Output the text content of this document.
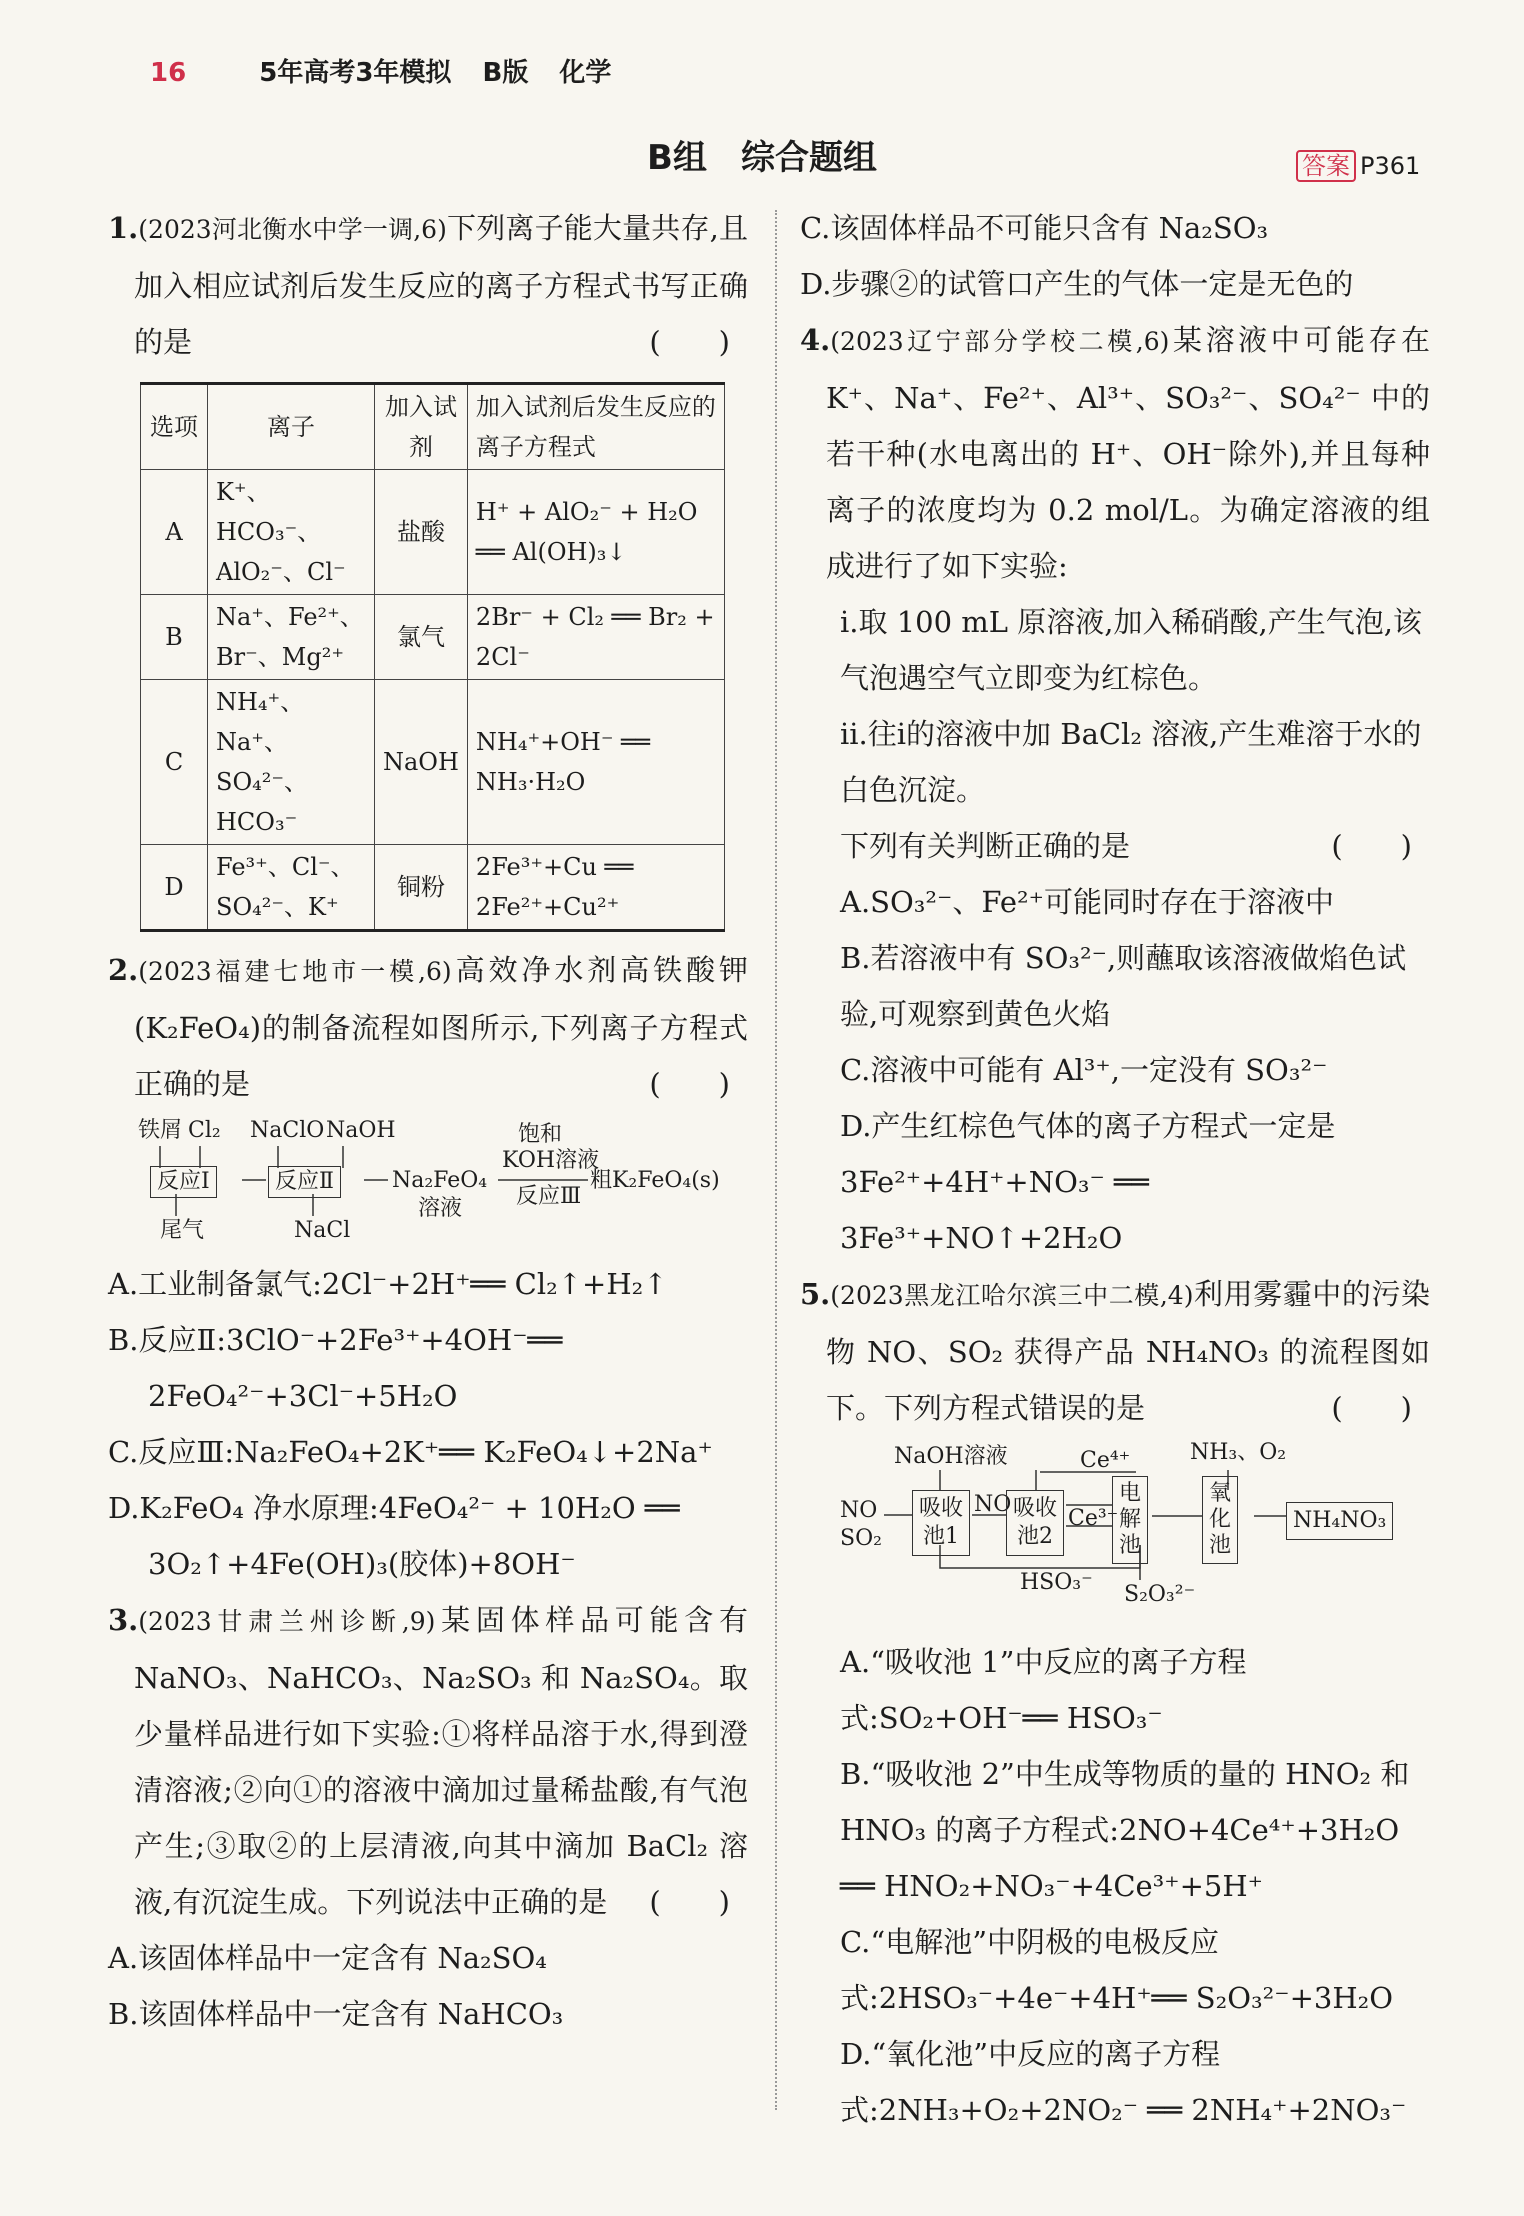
16	5年高考3年模拟 B版 化学
B组　综合题组	答案 P361

1.(2023河北衡水中学一调,6)下列离子能大量共存,且加入相应试剂后发生反应的离子方程式书写正确的是	(　　)

选项	离子	加入试剂	加入试剂后发生反应的离子方程式
A	K⁺、HCO₃⁻、AlO₂⁻、Cl⁻	盐酸	H⁺ + AlO₂⁻ + H₂O ══ Al(OH)₃↓
B	Na⁺、Fe²⁺、Br⁻、Mg²⁺	氯气	2Br⁻ + Cl₂ ══ Br₂ + 2Cl⁻
C	NH₄⁺、Na⁺、SO₄²⁻、HCO₃⁻	NaOH	NH₄⁺+OH⁻ ══ NH₃·H₂O
D	Fe³⁺、Cl⁻、SO₄²⁻、K⁺	铜粉	2Fe³⁺+Cu ══ 2Fe²⁺+Cu²⁺

2.(2023福建七地市一模,6)高效净水剂高铁酸钾(K₂FeO₄)的制备流程如图所示,下列离子方程式正确的是	(　　)

铁屑 Cl₂ NaClO NaOH
反应Ⅰ	反应Ⅱ	Na₂FeO₄
溶液
饱和
KOH溶液
反应Ⅲ
粗K₂FeO₄(s)
尾气	NaCl

A.工业制备氯气:2Cl⁻+2H⁺══ Cl₂↑+H₂↑

B.反应Ⅱ:3ClO⁻+2Fe³⁺+4OH⁻══ 2FeO₄²⁻+3Cl⁻+5H₂O

C.反应Ⅲ:Na₂FeO₄+2K⁺══ K₂FeO₄↓+2Na⁺

D.K₂FeO₄ 净水原理:4FeO₄²⁻ + 10H₂O ══ 3O₂↑+4Fe(OH)₃(胶体)+8OH⁻

3.(2023甘肃兰州诊断,9)某固体样品可能含有NaNO₃、NaHCO₃、Na₂SO₃ 和 Na₂SO₄。取少量样品进行如下实验:①将样品溶于水,得到澄清溶液;②向①的溶液中滴加过量稀盐酸,有气泡产生;③取②的上层清液,向其中滴加 BaCl₂ 溶液,有沉淀生成。下列说法中正确的是 (　　)

A.该固体样品中一定含有 Na₂SO₄

B.该固体样品中一定含有 NaHCO₃

C.该固体样品不可能只含有 Na₂SO₃

D.步骤②的试管口产生的气体一定是无色的

4.(2023辽宁部分学校二模,6)某溶液中可能存在 K⁺、Na⁺、Fe²⁺、Al³⁺、SO₃²⁻、SO₄²⁻ 中的若干种(水电离出的 H⁺、OH⁻除外),并且每种离子的浓度均为 0.2 mol/L。为确定溶液的组成进行了如下实验:

ⅰ.取 100 mL 原溶液,加入稀硝酸,产生气泡,该气泡遇空气立即变为红棕色。

ⅱ.往ⅰ的溶液中加 BaCl₂ 溶液,产生难溶于水的白色沉淀。

下列有关判断正确的是	(　　)

A.SO₃²⁻、Fe²⁺可能同时存在于溶液中

B.若溶液中有 SO₃²⁻,则蘸取该溶液做焰色试验,可观察到黄色火焰

C.溶液中可能有 Al³⁺,一定没有 SO₃²⁻

D.产生红棕色气体的离子方程式一定是 3Fe²⁺+4H⁺+NO₃⁻ ══ 3Fe³⁺+NO↑+2H₂O

5.(2023黑龙江哈尔滨三中二模,4)利用雾霾中的污染物 NO、SO₂ 获得产品 NH₄NO₃ 的流程图如下。下列方程式错误的是	(　　)

NO
SO₂
NaOH溶液
吸收
池1
NO 吸收
池2
Ce⁴⁺
Ce³⁺
电
解
池
NH₃、O₂
氧
化
池
NH₄NO₃
HSO₃⁻ S₂O₃²⁻

A.“吸收池 1”中反应的离子方程式:SO₂+OH⁻══ HSO₃⁻

B.“吸收池 2”中生成等物质的量的 HNO₂ 和 HNO₃ 的离子方程式:2NO+4Ce⁴⁺+3H₂O ══ HNO₂+NO₃⁻+4Ce³⁺+5H⁺

C.“电解池”中阴极的电极反应式:2HSO₃⁻+4e⁻+4H⁺══ S₂O₃²⁻+3H₂O

D.“氧化池”中反应的离子方程式:2NH₃+O₂+2NO₂⁻ ══ 2NH₄⁺+2NO₃⁻
